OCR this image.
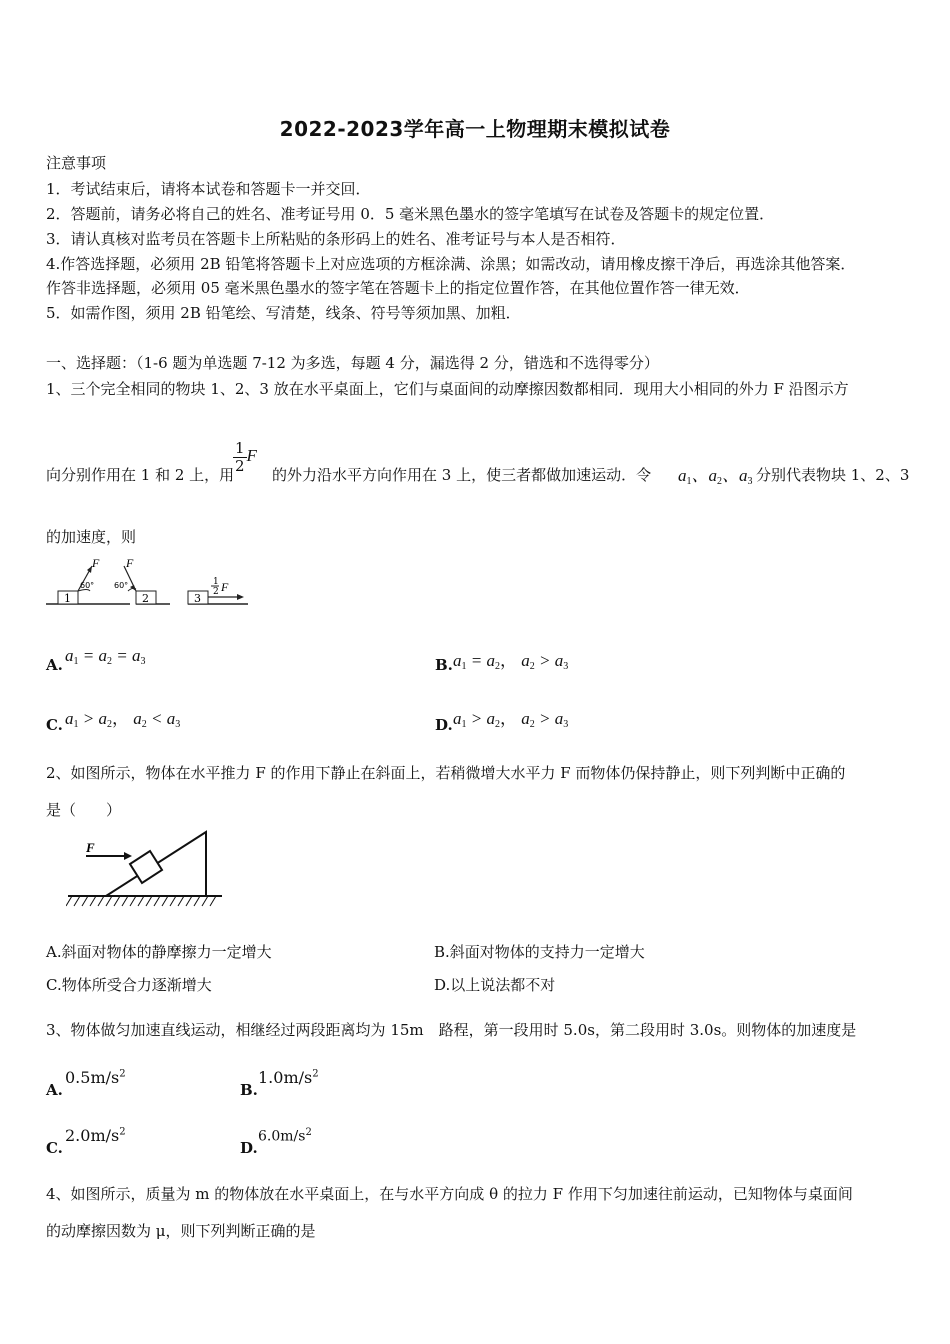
2022-2023学年高一上物理期末模拟试卷
注意事项
1．考试结束后，请将本试卷和答题卡一并交回．
2．答题前，请务必将自己的姓名、准考证号用 0．5 毫米黑色墨水的签字笔填写在试卷及答题卡的规定位置．
3．请认真核对监考员在答题卡上所粘贴的条形码上的姓名、准考证号与本人是否相符．
4.作答选择题，必须用 2B 铅笔将答题卡上对应选项的方框涂满、涂黑；如需改动，请用橡皮擦干净后，再选涂其他答案．
作答非选择题，必须用 05 毫米黑色墨水的签字笔在答题卡上的指定位置作答，在其他位置作答一律无效．
5．如需作图，须用 2B 铅笔绘、写清楚，线条、符号等须加黑、加粗．
一、选择题：（1-6 题为单选题 7-12 为多选，每题 4 分，漏选得 2 分，错选和不选得零分）
1、三个完全相同的物块 1、2、3 放在水平桌面上，它们与桌面间的动摩擦因数都相同．现用大小相同的外力 F 沿图示方
向分别作用在 1 和 2 上，用
$\frac{1}{2}$ F
的外力沿水平方向作用在 3 上，使三者都做加速运动．令 $a_1$、$a_2$、$a_3$ 分别代表物块 1、2、3
的加速度，则
1
F
60°
2
F
60°
3
1
2 F
A. $a_1 = a_2 = a_3$	B. $a_1 = a_2$， $a_2 > a_3$
C. $a_1 > a_2$， $a_2 < a_3$	D. $a_1 > a_2$， $a_2 > a_3$
2、如图所示，物体在水平推力 F 的作用下静止在斜面上，若稍微增大水平力 F 而物体仍保持静止，则下列判断中正确的
是（　　）
F
A.斜面对物体的静摩擦力一定增大	B.斜面对物体的支持力一定增大
C.物体所受合力逐渐增大	D.以上说法都不对
3、物体做匀加速直线运动，相继经过两段距离均为 15m　路程，第一段用时 5.0s，第二段用时 3.0s。则物体的加速度是
A.
$0.5m/s^2$
B.
$1.0m/s^2$
C.
$2.0m/s^2$
D.
$6.0m/s^2$
4、如图所示，质量为 m 的物体放在水平桌面上，在与水平方向成 θ 的拉力 F 作用下匀加速往前运动，已知物体与桌面间
的动摩擦因数为 μ，则下列判断正确的是
